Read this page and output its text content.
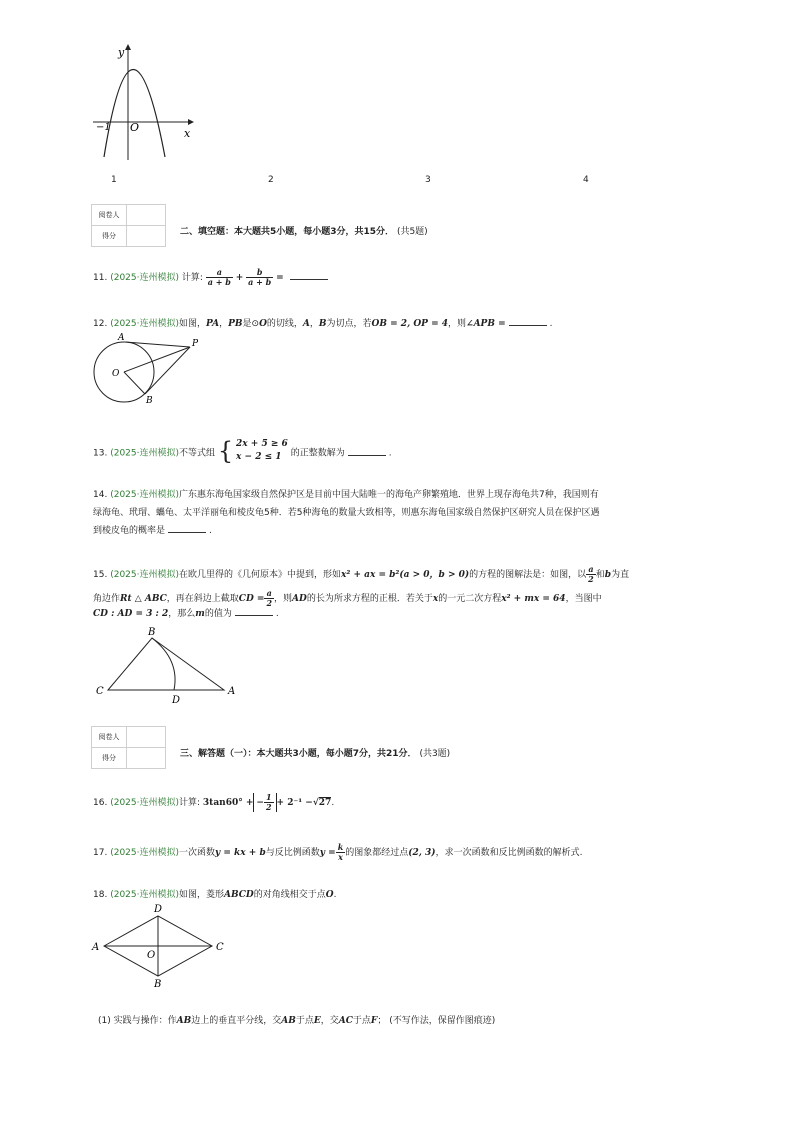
y
x
−1 O
1	2	3	4
阅卷人	
得分		二、填空题：本大题共5小题，每小题3分，共15分． (共5题)
11. (2025·连州模拟) 计算: $\frac{a}{a + b} + \frac{b}{a + b}$ =
12. (2025·连州模拟)如图，PA，PB是⊙O的切线，A，B为切点，若OB = 2, OP = 4，则∠APB =	.
A
P
O
B
13. (2025·连州模拟)不等式组 { 2x + 5 ≥ 6
x − 2 ≤ 1	的正整数解为	.
14. (2025·连州模拟)广东惠东海龟国家级自然保护区是目前中国大陆唯一的海龟产卵繁殖地．世界上现存海龟共7种，我国则有
绿海龟、玳瑁、蠵龟、太平洋丽龟和棱皮龟5种．若5种海龟的数量大致相等，则惠东海龟国家级自然保护区研究人员在保护区遇
到棱皮龟的概率是	.
15. (2025·连州模拟)在欧几里得的《几何原本》中提到，形如x² + ax = b²(a > 0，b > 0)的方程的图解法是：如图，以 $\frac{a}{2}$ 和b为直
角边作Rt △ ABC，再在斜边上截取CD = $\frac{a}{2}$ ，则AD的长为所求方程的正根．若关于x的一元二次方程x² + mx = 64，当图中
CD : AD = 3 : 2，那么m的值为	.
B
C
D
A
阅卷人	
得分		三、解答题（一）：本大题共3小题，每小题7分，共21分． (共3题)
16. (2025·连州模拟)计算: 3tan60° + − $\frac{1}{2} + 2^{-1} -√27$.
17. (2025·连州模拟)一次函数y = kx + b与反比例函数$y = \frac{k}{x}$ 的图象都经过点(2, 3)，求一次函数和反比例函数的解析式.
18. (2025·连州模拟)如图，菱形ABCD的对角线相交于点O.
D
A	C
O
B
(1) 实践与操作：作AB边上的垂直平分线，交AB于点E，交AC于点F； (不写作法，保留作图痕迹)
